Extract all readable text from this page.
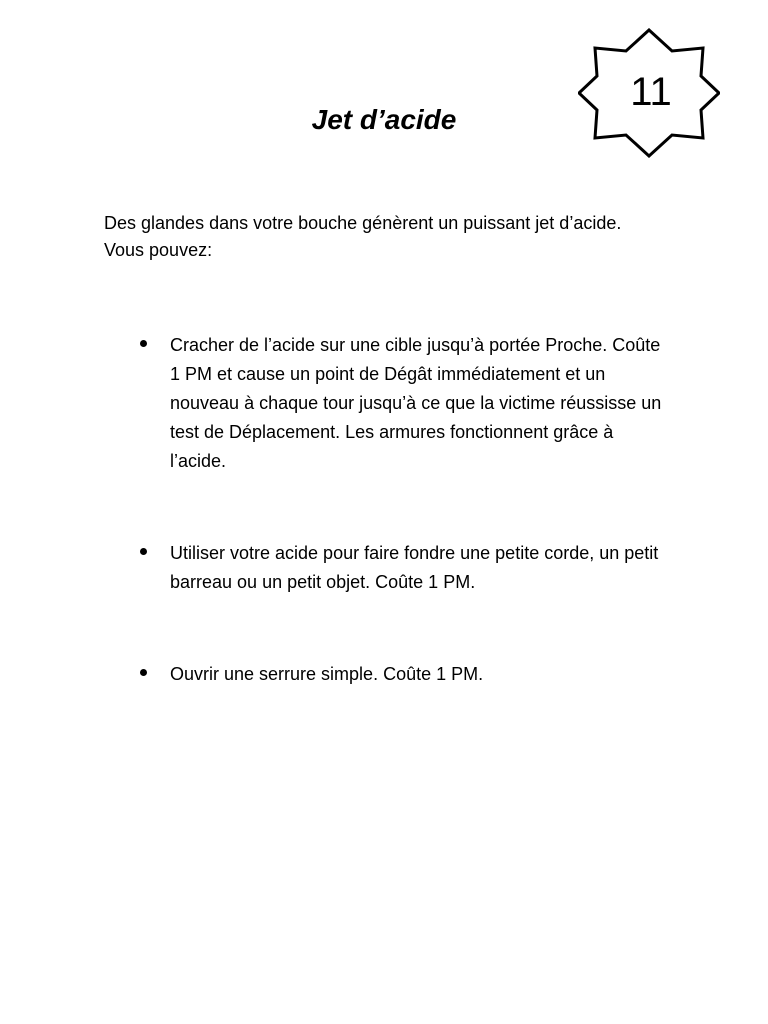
11
Jet d’acide

Des glandes dans votre bouche génèrent un puissant jet d’acide. Vous pouvez:

Cracher de l’acide sur une cible jusqu’à portée Proche. Coûte 1 PM et cause un point de Dégât immédiatement et un nouveau à chaque tour jusqu’à ce que la victime réussisse un test de Déplacement. Les armures fonctionnent grâce à l’acide.
Utiliser votre acide pour faire fondre une petite corde, un petit barreau ou un petit objet. Coûte 1 PM.
Ouvrir une serrure simple. Coûte 1 PM.
